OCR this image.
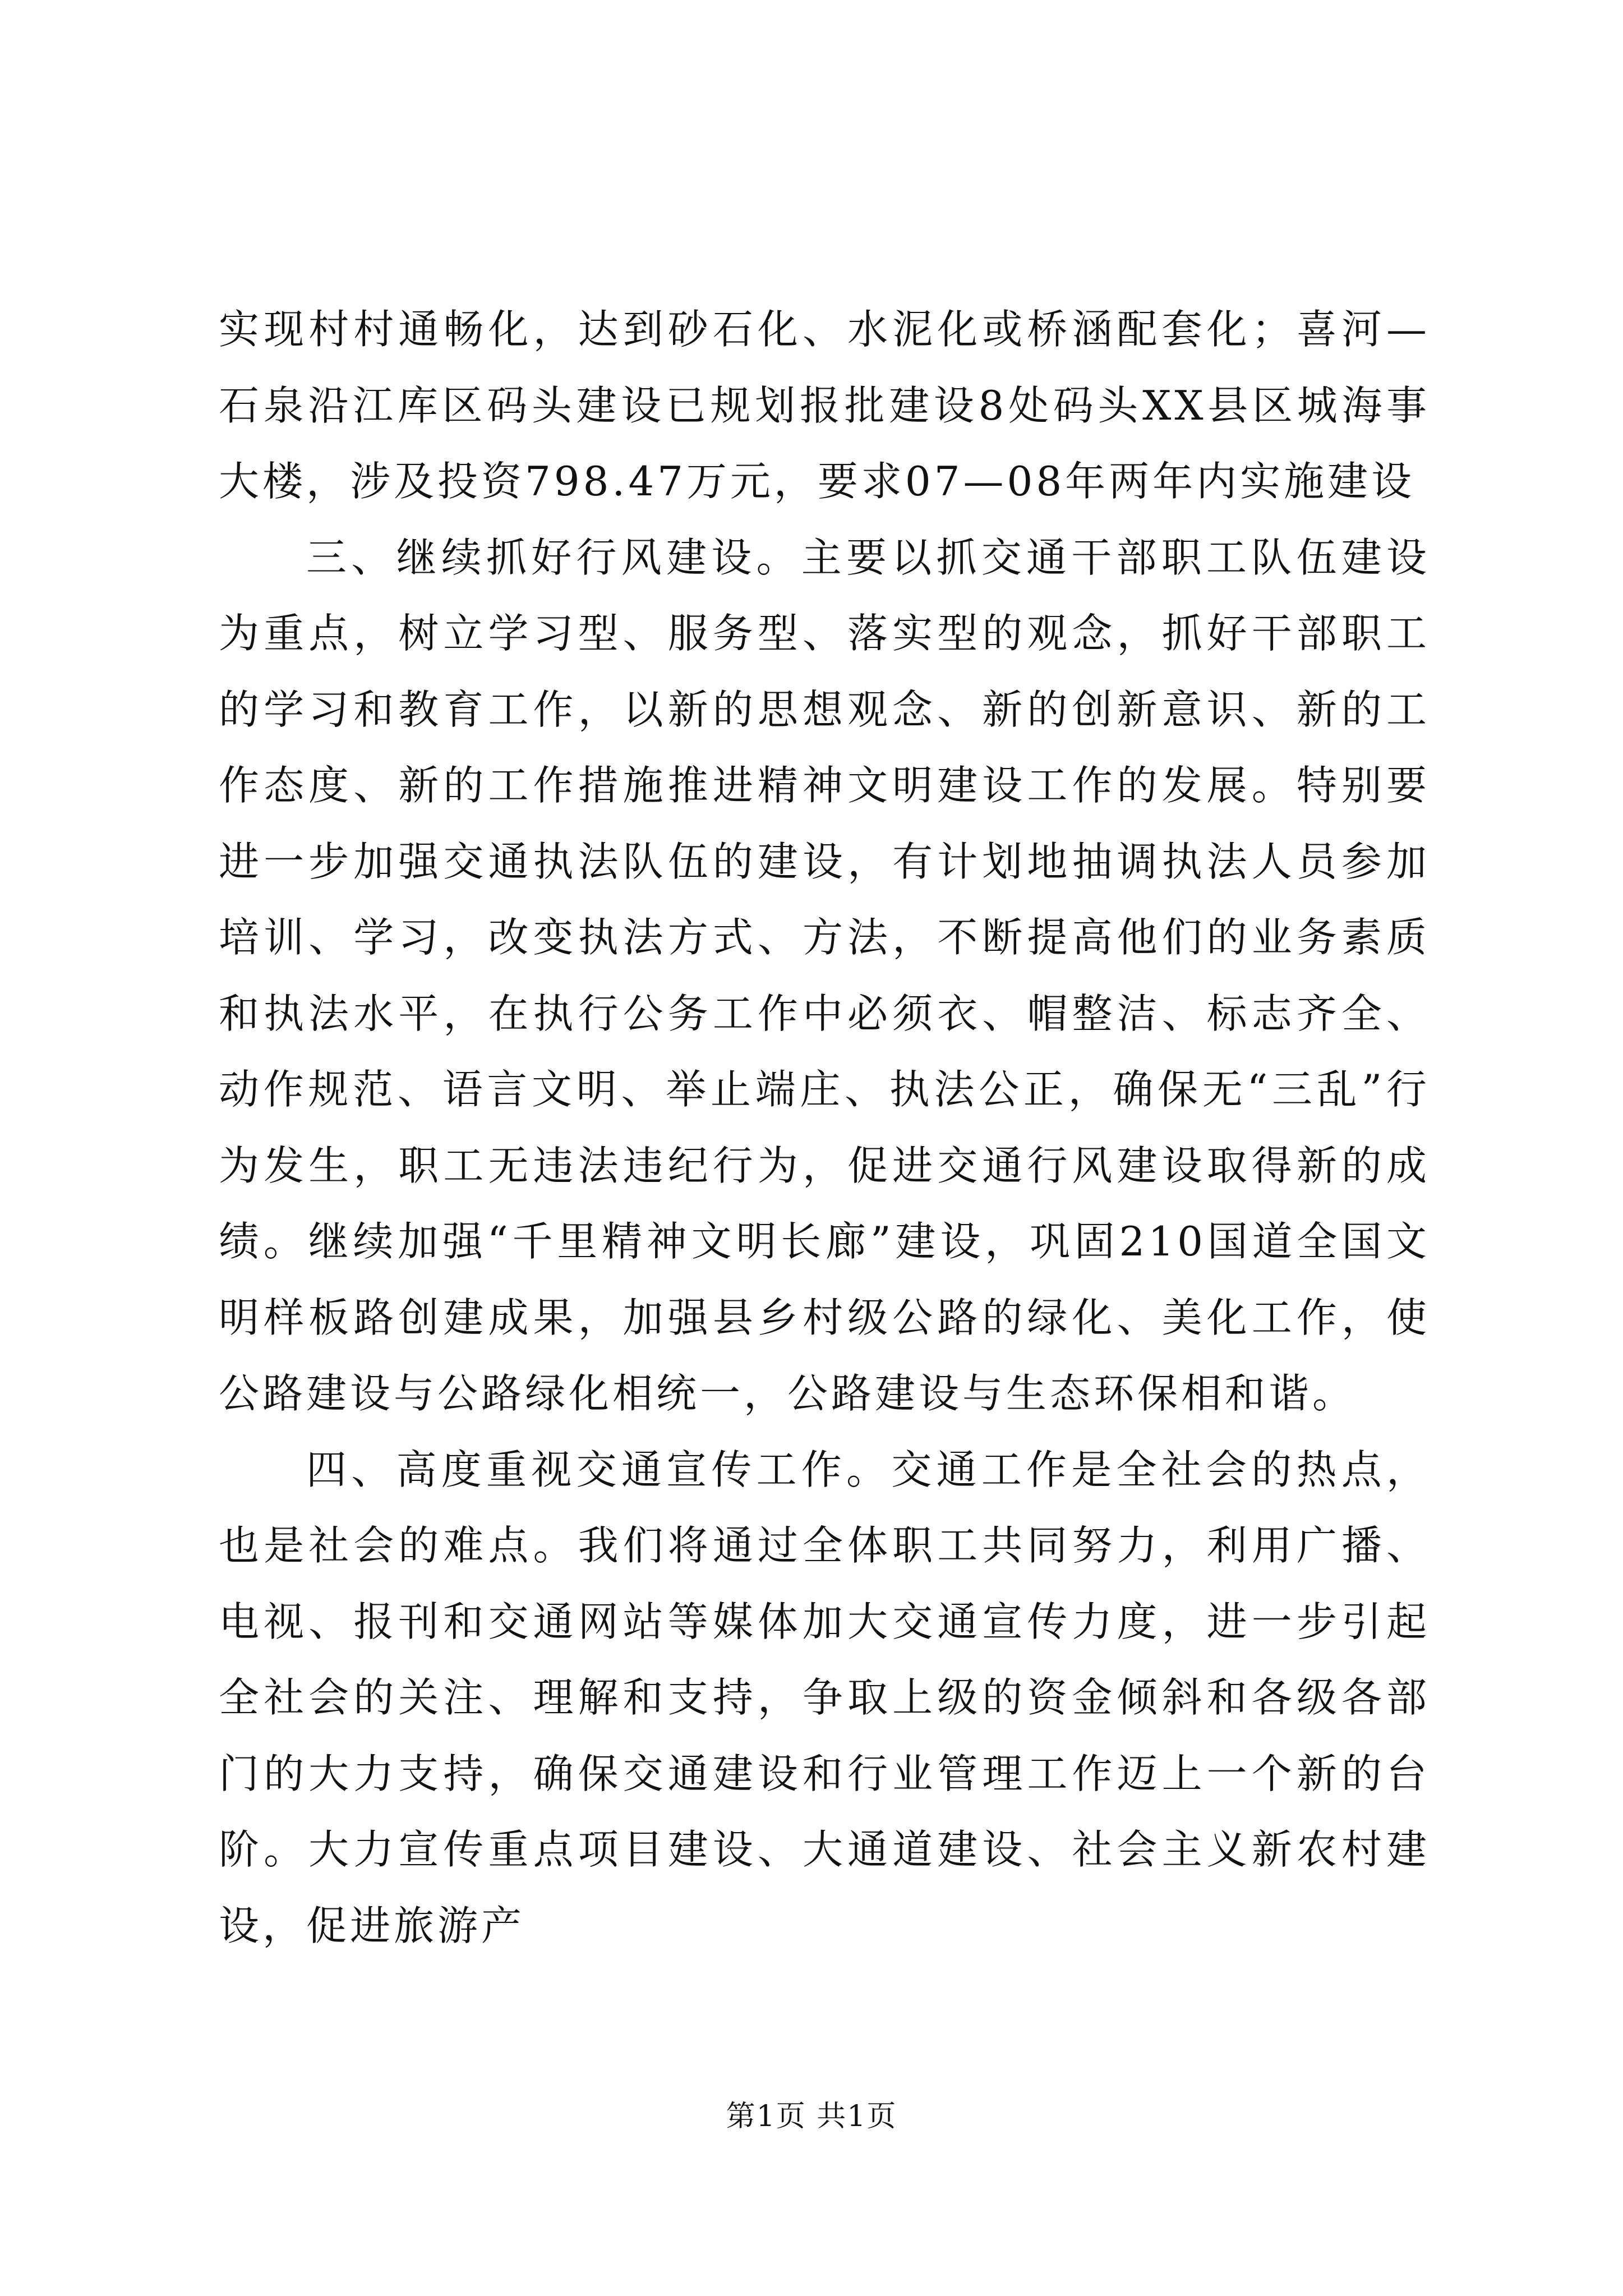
实现村村通畅化，达到砂石化、水泥化或桥涵配套化；喜河—石泉沿江库区码头建设已规划报批建设8处码头XX县区城海事大楼，涉及投资798.47万元，要求07—08年两年内实施建设

三、继续抓好行风建设。主要以抓交通干部职工队伍建设为重点，树立学习型、服务型、落实型的观念，抓好干部职工的学习和教育工作，以新的思想观念、新的创新意识、新的工作态度、新的工作措施推进精神文明建设工作的发展。特别要进一步加强交通执法队伍的建设，有计划地抽调执法人员参加培训、学习，改变执法方式、方法，不断提高他们的业务素质和执法水平，在执行公务工作中必须衣、帽整洁、标志齐全、动作规范、语言文明、举止端庄、执法公正，确保无“三乱”行为发生，职工无违法违纪行为，促进交通行风建设取得新的成绩。继续加强“千里精神文明长廊”建设，巩固210国道全国文明样板路创建成果，加强县乡村级公路的绿化、美化工作，使公路建设与公路绿化相统一，公路建设与生态环保相和谐。

四、高度重视交通宣传工作。交通工作是全社会的热点，也是社会的难点。我们将通过全体职工共同努力，利用广播、电视、报刊和交通网站等媒体加大交通宣传力度，进一步引起全社会的关注、理解和支持，争取上级的资金倾斜和各级各部门的大力支持，确保交通建设和行业管理工作迈上一个新的台阶。大力宣传重点项目建设、大通道建设、社会主义新农村建设，促进旅游产

第1页 共1页
